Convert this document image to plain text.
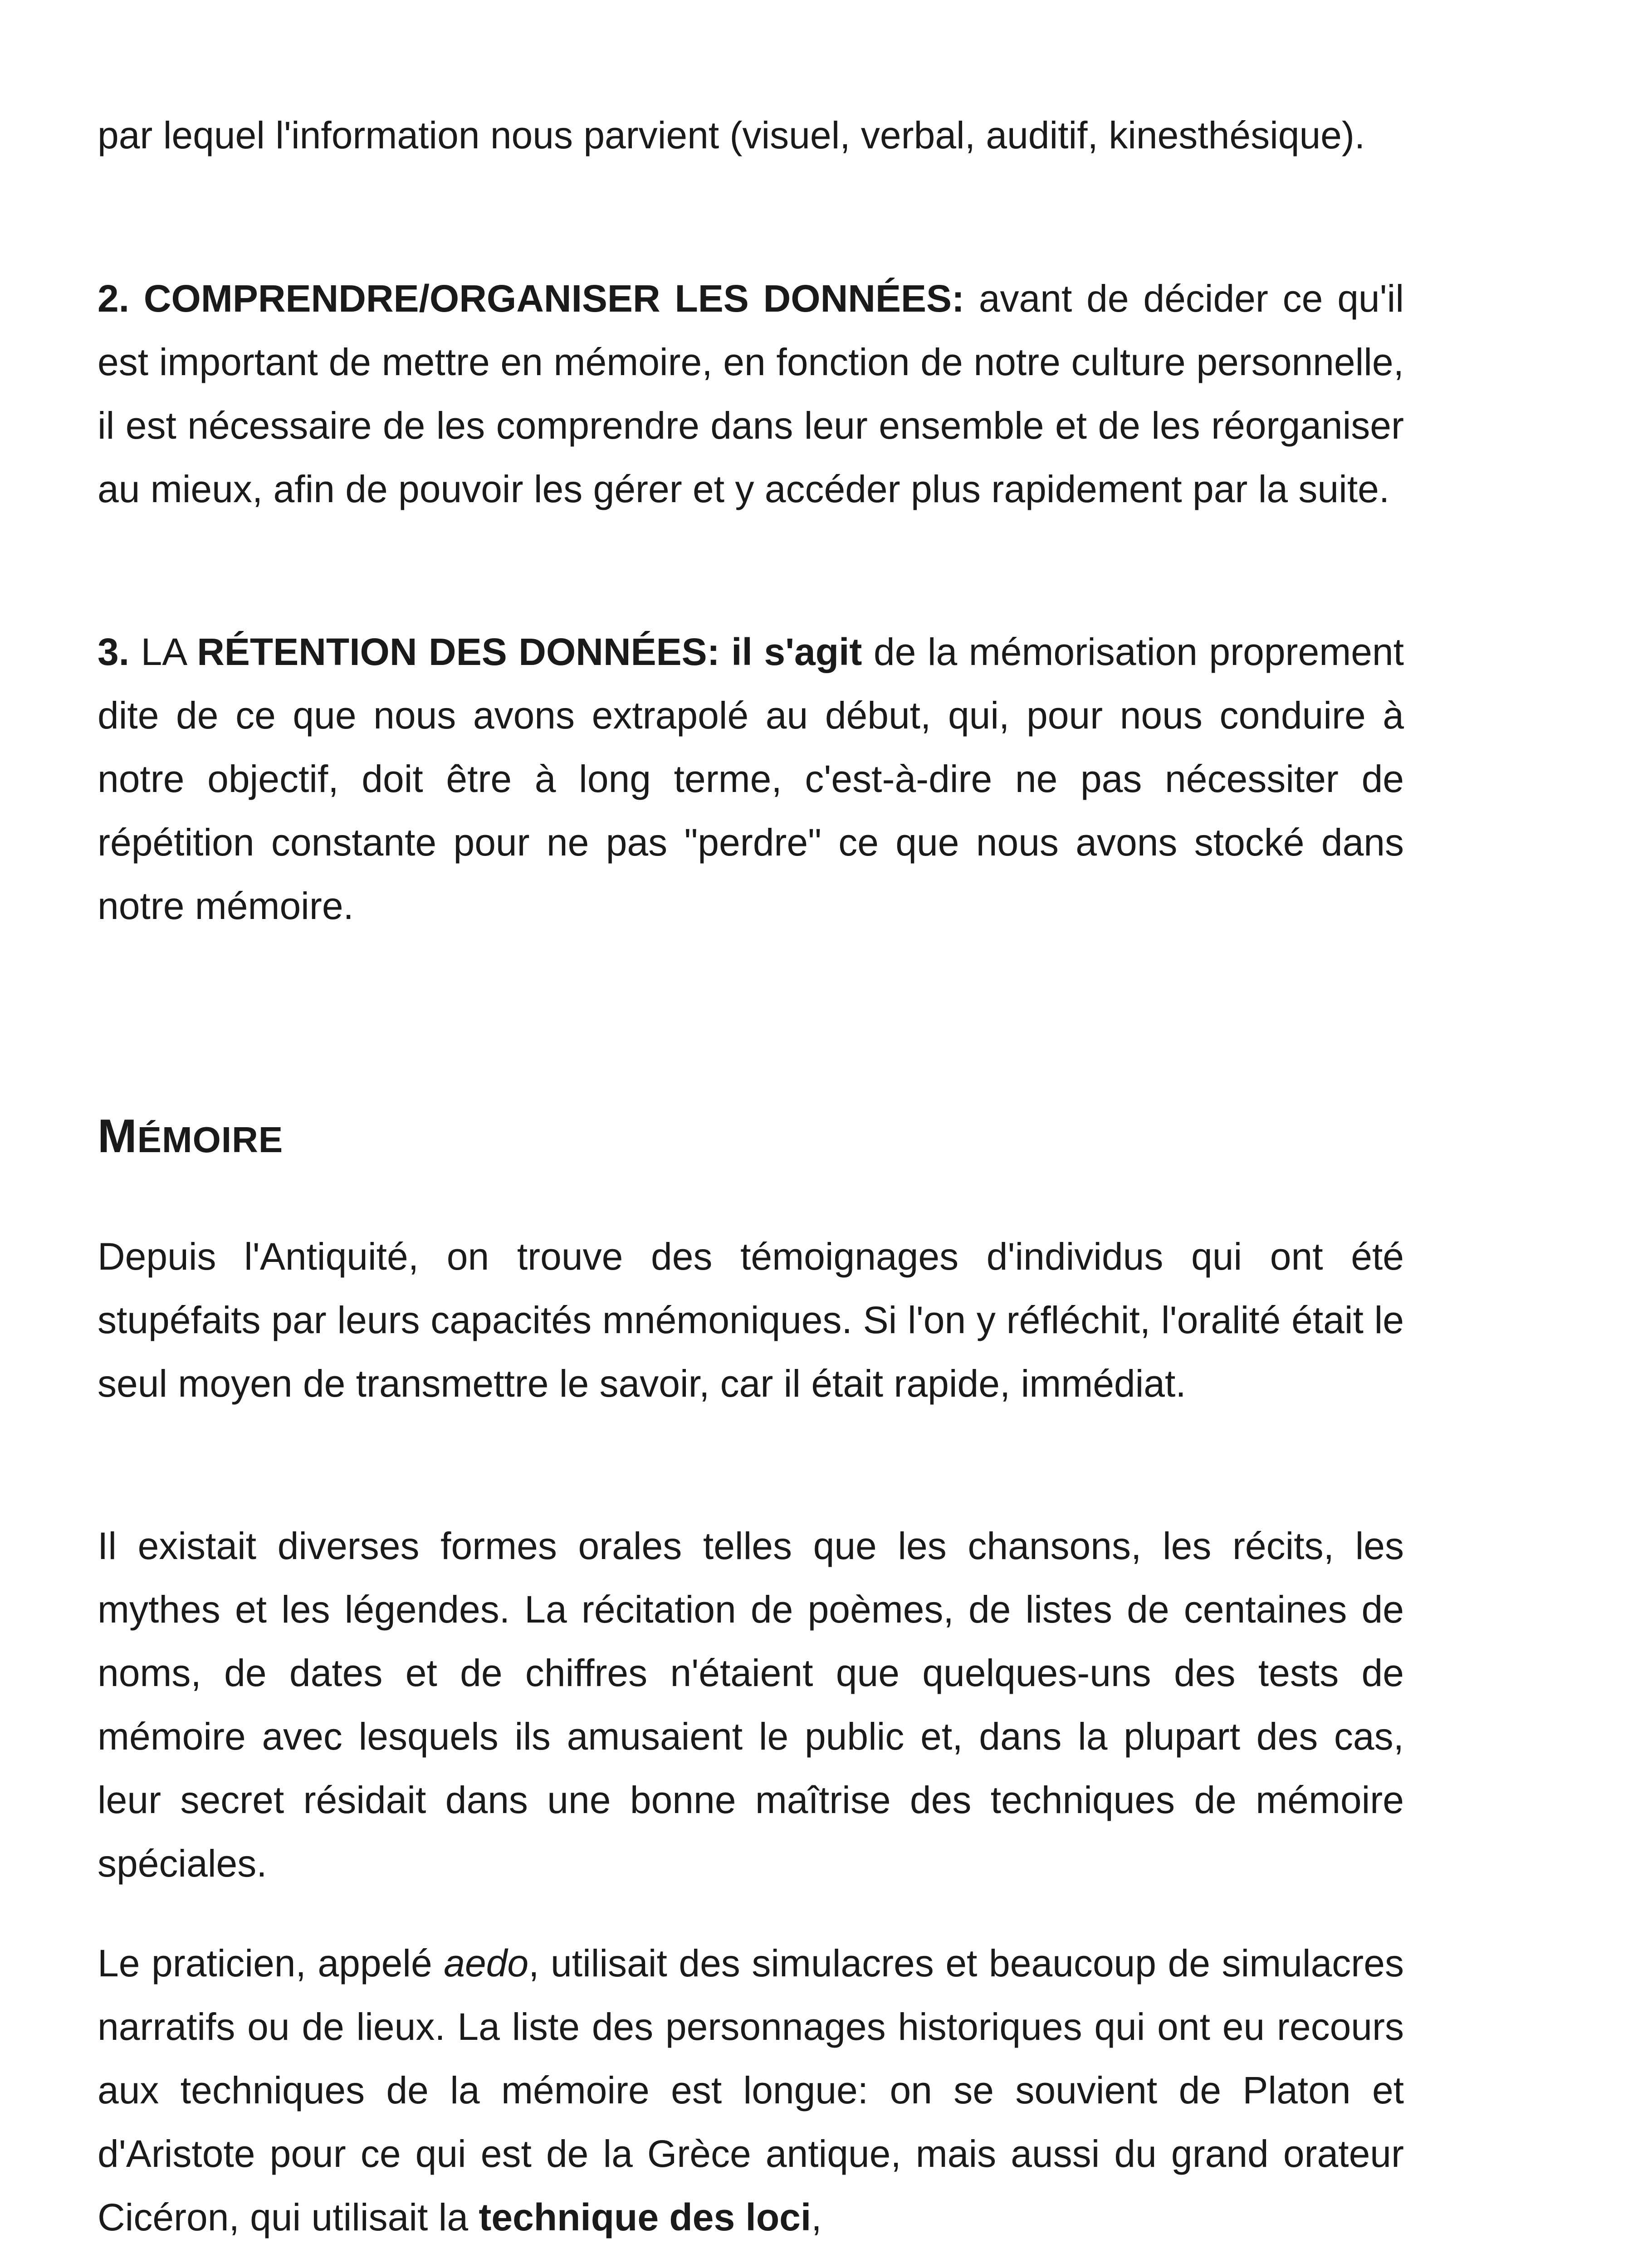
par lequel l'information nous parvient (visuel, verbal, auditif, kinesthésique).

2. COMPRENDRE/ORGANISER LES DONNÉES: avant de décider ce qu'il est important de mettre en mémoire, en fonction de notre culture personnelle, il est nécessaire de les comprendre dans leur ensemble et de les réorganiser au mieux, afin de pouvoir les gérer et y accéder plus rapidement par la suite.

3. LA RÉTENTION DES DONNÉES: il s'agit de la mémorisation proprement dite de ce que nous avons extrapolé au début, qui, pour nous conduire à notre objectif, doit être à long terme, c'est-à-dire ne pas nécessiter de répétition constante pour ne pas "perdre" ce que nous avons stocké dans notre mémoire.

MÉMOIRE

Depuis l'Antiquité, on trouve des témoignages d'individus qui ont été stupéfaits par leurs capacités mnémoniques. Si l'on y réfléchit, l'oralité était le seul moyen de transmettre le savoir, car il était rapide, immédiat.

Il existait diverses formes orales telles que les chansons, les récits, les mythes et les légendes. La récitation de poèmes, de listes de centaines de noms, de dates et de chiffres n'étaient que quelques-uns des tests de mémoire avec lesquels ils amusaient le public et, dans la plupart des cas, leur secret résidait dans une bonne maîtrise des techniques de mémoire spéciales.

Le praticien, appelé aedo, utilisait des simulacres et beaucoup de simulacres narratifs ou de lieux. La liste des personnages historiques qui ont eu recours aux techniques de la mémoire est longue: on se souvient de Platon et d'Aristote pour ce qui est de la Grèce antique, mais aussi du grand orateur Cicéron, qui utilisait la technique des loci,
